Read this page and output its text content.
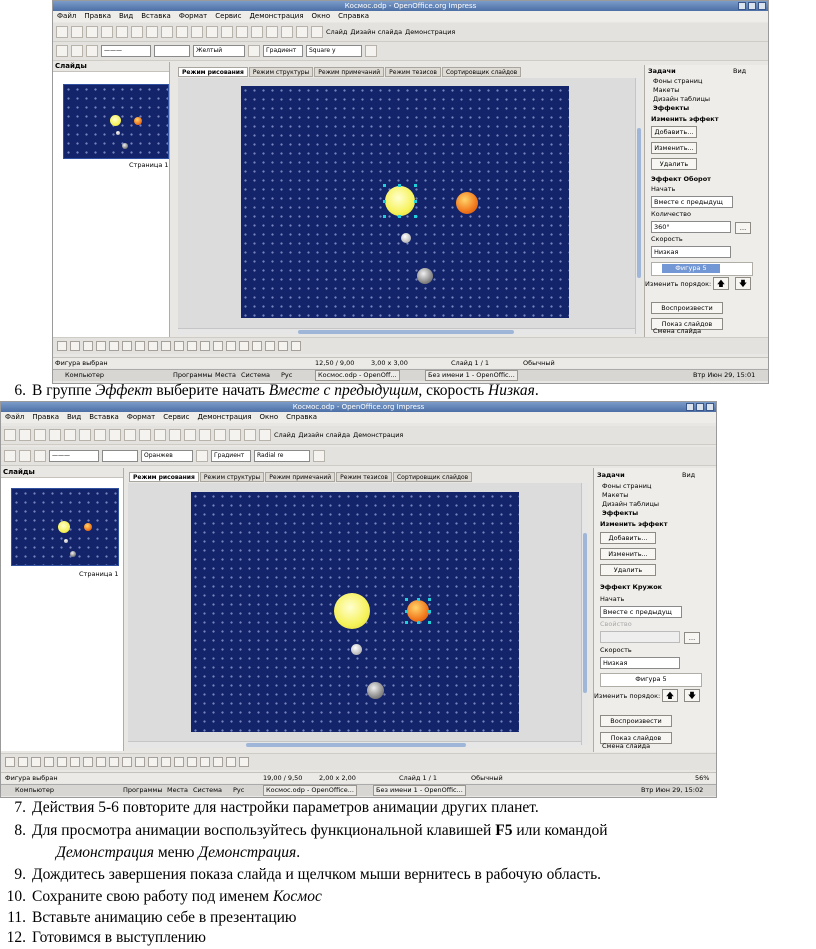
Космос.odp - OpenOffice.org Impress
Файл Правка Вид Вставка Формат Сервис Демонстрация Окно Справка
Слайд Дизайн слайда Демонстрация
———	Желтый	Градиент	Square y
Слайды
Страница 1
Режим рисования	Режим структуры	Режим примечаний	Режим тезисов	Сортировщик слайдов	Задачи	Вид
Фоны страниц
Макеты
Дизайн таблицы
Эффекты
Изменить эффект
Добавить...
Изменить...
Удалить
Эффект Оборот
Начать
Вместе с предыдущ
Количество
360°	…
Скорость
Низкая
Фигура 5
Изменить порядок: 🡅	🡇
Воспроизвести
Показ слайдов
Смена слайда
Фигура выбран	12,50 / 9,00	3,00 x 3,00	Слайд 1 / 1	Обычный
Компьютер	Программы Места Система Рус	Космос.odp - OpenOff...	Без имени 1 - OpenOffic...	Втр Июн 29, 15:01
6. В группе Эффект выберите начать Вместе с предыдущим, скорость Низкая.
Космос.odp - OpenOffice.org Impress
Файл Правка Вид Вставка Формат Сервис Демонстрация Окно Справка
Слайд Дизайн слайда Демонстрация
———	Оранжев	Градиент	Radial re
Слайды
Страница 1
Режим рисования	Режим структуры	Режим примечаний	Режим тезисов	Сортировщик слайдов	Задачи	Вид
Фоны страниц
Макеты
Дизайн таблицы
Эффекты
Изменить эффект
Добавить...
Изменить...
Удалить
Эффект Кружок
Начать
Вместе с предыдущ
Свойство
…
Скорость
Низкая
Фигура 5
Изменить порядок: 🡅	🡇
Воспроизвести
Показ слайдов
Смена слайда
Фигура выбран	19,00 / 9,50	2,00 x 2,00	Слайд 1 / 1	Обычный	56%
Компьютер	Программы Места Система Рус	Космос.odp - OpenOffice...	Без имени 1 - OpenOffic...	Втр Июн 29, 15:02
7. Действия 5-6 повторите для настройки параметров анимации других планет.
8. Для просмотра анимации воспользуйтесь функциональной клавишей F5 или командой
Демонстрация меню Демонстрация.
9. Дождитесь завершения показа слайда и щелчком мыши вернитесь в рабочую область.
10. Сохраните свою работу под именем Космос
11. Вставьте анимацию себе в презентацию
12. Готовимся в выступлению
